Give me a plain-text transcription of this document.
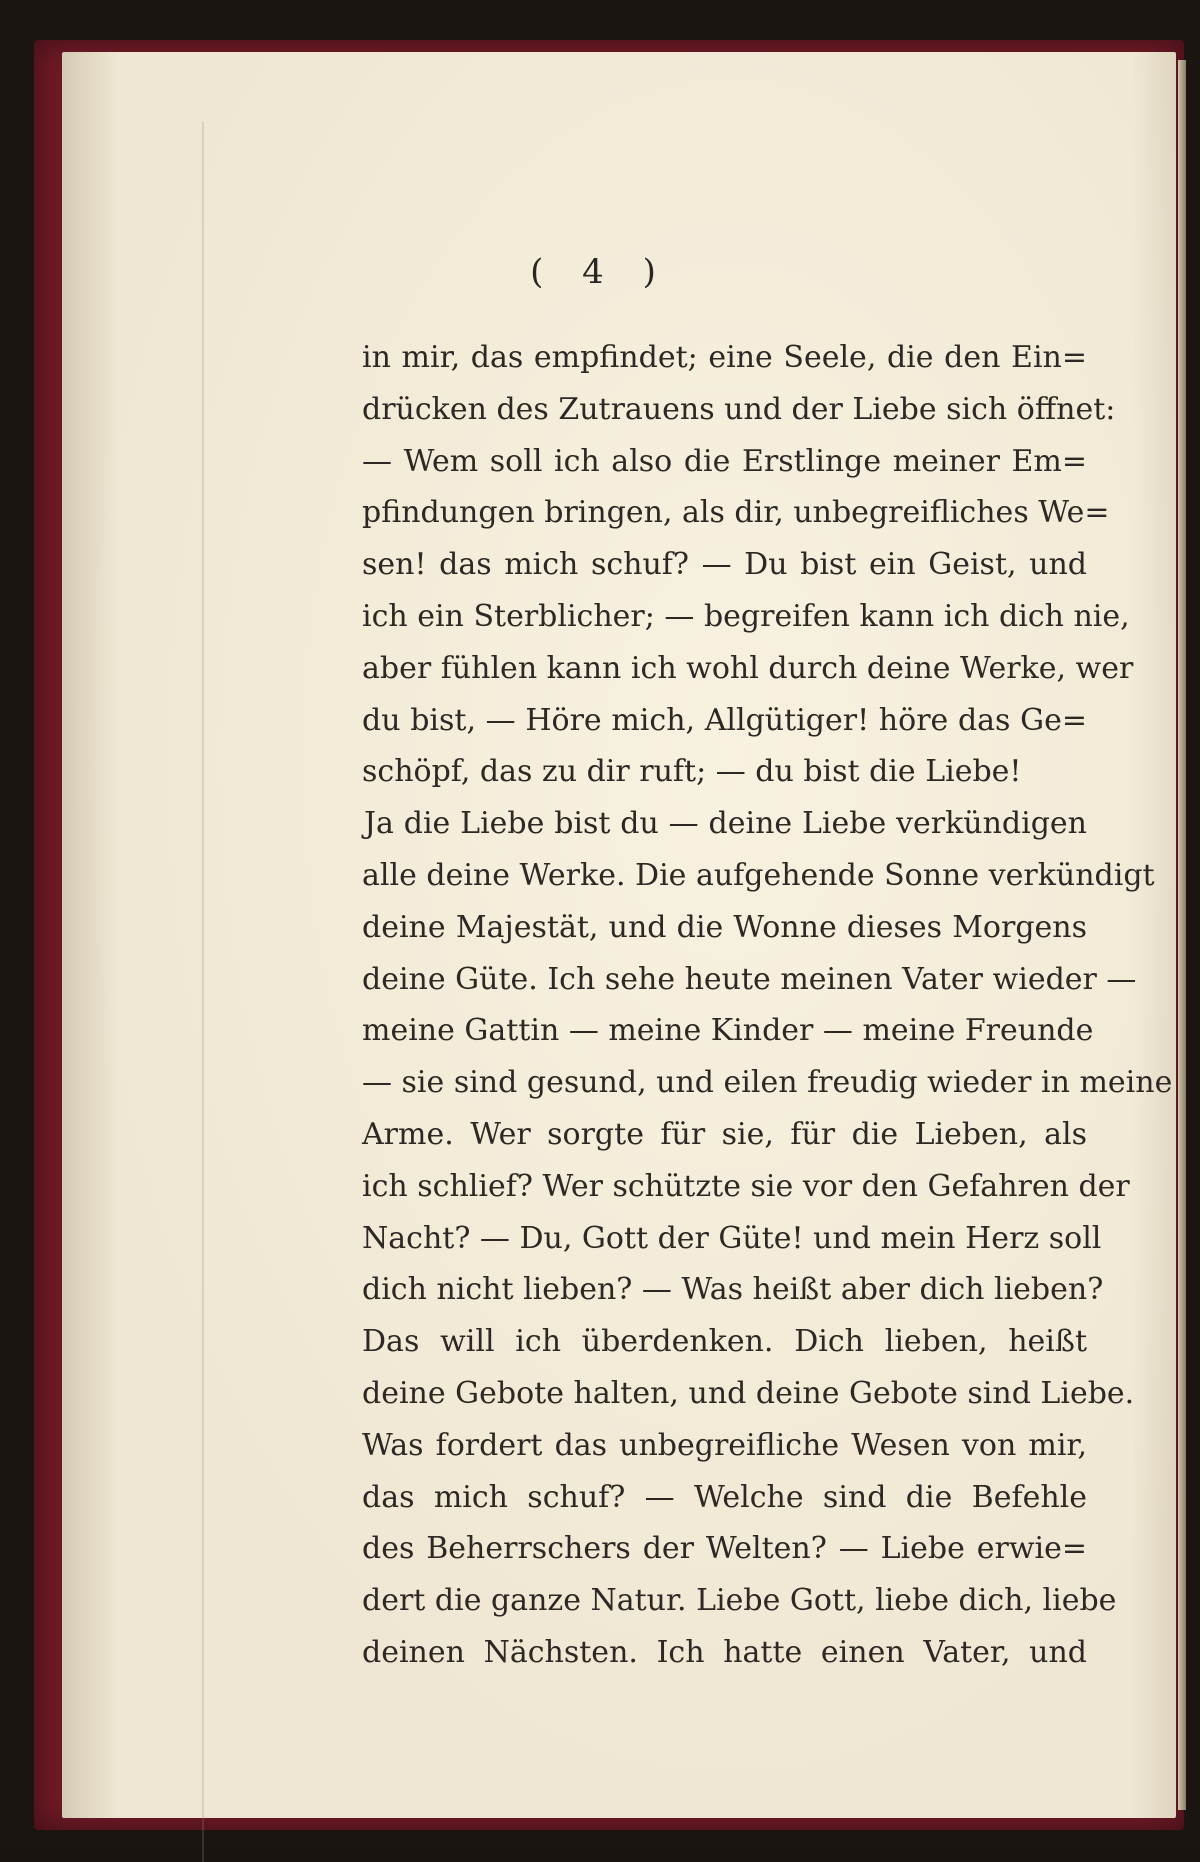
( 4 )
in mir, das empfindet; eine Seele, die den Ein=
drücken des Zutrauens und der Liebe sich öffnet:
— Wem soll ich also die Erstlinge meiner Em=
pfindungen bringen, als dir, unbegreifliches We=
sen! das mich schuf? — Du bist ein Geist, und
ich ein Sterblicher; — begreifen kann ich dich nie,
aber fühlen kann ich wohl durch deine Werke, wer
du bist, — Höre mich, Allgütiger! höre das Ge=
schöpf, das zu dir ruft; — du bist die Liebe!
Ja die Liebe bist du — deine Liebe verkündigen
alle deine Werke. Die aufgehende Sonne verkündigt
deine Majestät, und die Wonne dieses Morgens
deine Güte. Ich sehe heute meinen Vater wieder —
meine Gattin — meine Kinder — meine Freunde
— sie sind gesund, und eilen freudig wieder in meine
Arme. Wer sorgte für sie, für die Lieben, als
ich schlief? Wer schützte sie vor den Gefahren der
Nacht? — Du, Gott der Güte! und mein Herz soll
dich nicht lieben? — Was heißt aber dich lieben?
Das will ich überdenken. Dich lieben, heißt
deine Gebote halten, und deine Gebote sind Liebe.
Was fordert das unbegreifliche Wesen von mir,
das mich schuf? — Welche sind die Befehle
des Beherrschers der Welten? — Liebe erwie=
dert die ganze Natur. Liebe Gott, liebe dich, liebe
deinen Nächsten. Ich hatte einen Vater, und
